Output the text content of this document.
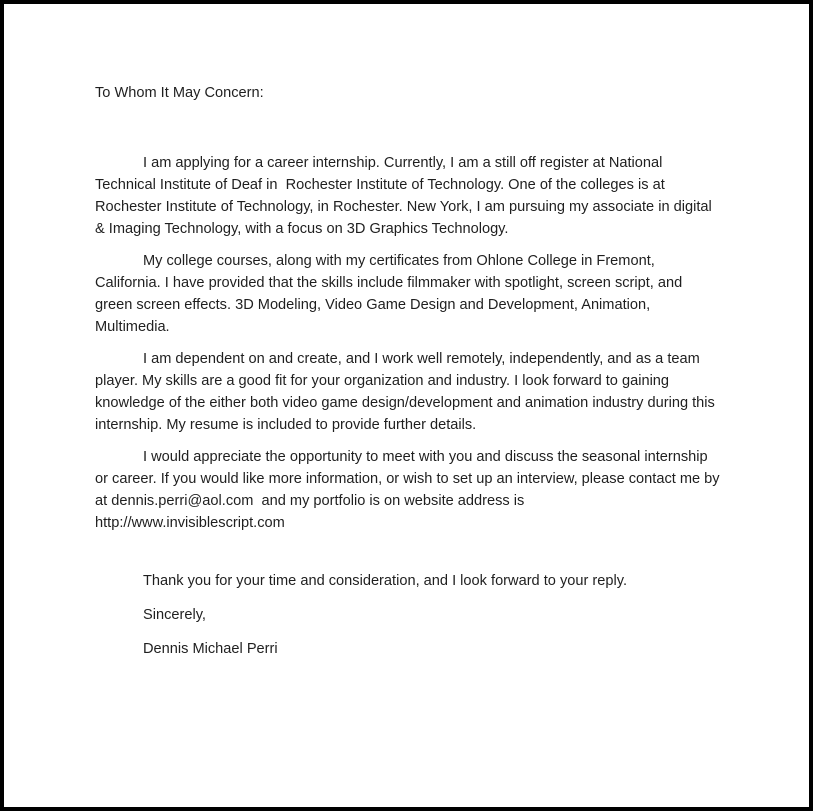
To Whom It May Concern:

I am applying for a career internship. Currently, I am a still off register at National Technical Institute of Deaf in  Rochester Institute of Technology. One of the colleges is at Rochester Institute of Technology, in Rochester. New York, I am pursuing my associate in digital & Imaging Technology, with a focus on 3D Graphics Technology.

My college courses, along with my certificates from Ohlone College in Fremont, California. I have provided that the skills include filmmaker with spotlight, screen script, and green screen effects. 3D Modeling, Video Game Design and Development, Animation, Multimedia.

I am dependent on and create, and I work well remotely, independently, and as a team player. My skills are a good fit for your organization and industry. I look forward to gaining knowledge of the either both video game design/development and animation industry during this internship. My resume is included to provide further details.

I would appreciate the opportunity to meet with you and discuss the seasonal internship or career. If you would like more information, or wish to set up an interview, please contact me by at dennis.perri@aol.com  and my portfolio is on website address is  http://www.invisiblescript.com

Thank you for your time and consideration, and I look forward to your reply.

Sincerely,

Dennis Michael Perri
